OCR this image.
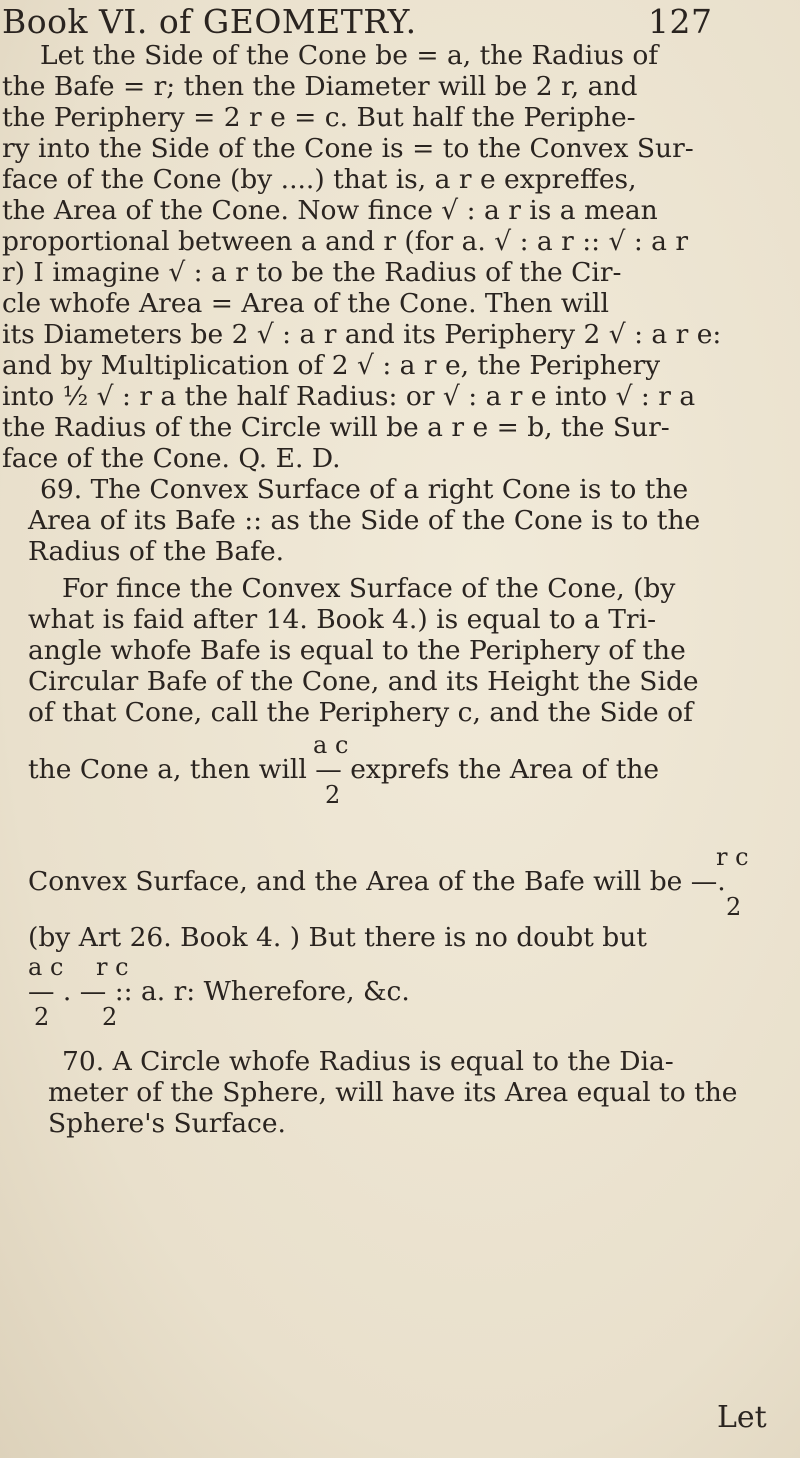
Book VI. of GEOMETRY.	127
Let the Side of the Cone be = a, the Radius of
the Bafe = r; then the Diameter will be 2 r, and
the Periphery = 2 r e = c. But half the Periphe-
ry into the Side of the Cone is = to the Convex Sur-
face of the Cone (by ....) that is, a r e expreffes,
the Area of the Cone. Now fince √ : a r is a mean
proportional between a and r (for a. √ : a r :: √ : a r
r) I imagine √ : a r to be the Radius of the Cir-
cle whofe Area = Area of the Cone. Then will
its Diameters be 2 √ : a r and its Periphery 2 √ : a r e:
and by Multiplication of 2 √ : a r e, the Periphery
into ½ √ : r a the half Radius: or √ : a r e into √ : r a
the Radius of the Circle will be a r e = b, the Sur-
face of the Cone. Q. E. D.
69. The Convex Surface of a right Cone is to the
Area of its Bafe :: as the Side of the Cone is to the
Radius of the Bafe.
For fince the Convex Surface of the Cone, (by
what is faid after 14. Book 4.) is equal to a Tri-
angle whofe Bafe is equal to the Periphery of the
Circular Bafe of the Cone, and its Height the Side
of that Cone, call the Periphery c, and the Side of
a c
the Cone a, then will — exprefs the Area of the
2
r c
Convex Surface, and the Area of the Bafe will be —.
2
(by Art 26. Book 4. ) But there is no doubt but
a c r c
— . — :: a. r: Wherefore, &c.
2 2
70. A Circle whofe Radius is equal to the Dia-
meter of the Sphere, will have its Area equal to the
Sphere's Surface.
Let
